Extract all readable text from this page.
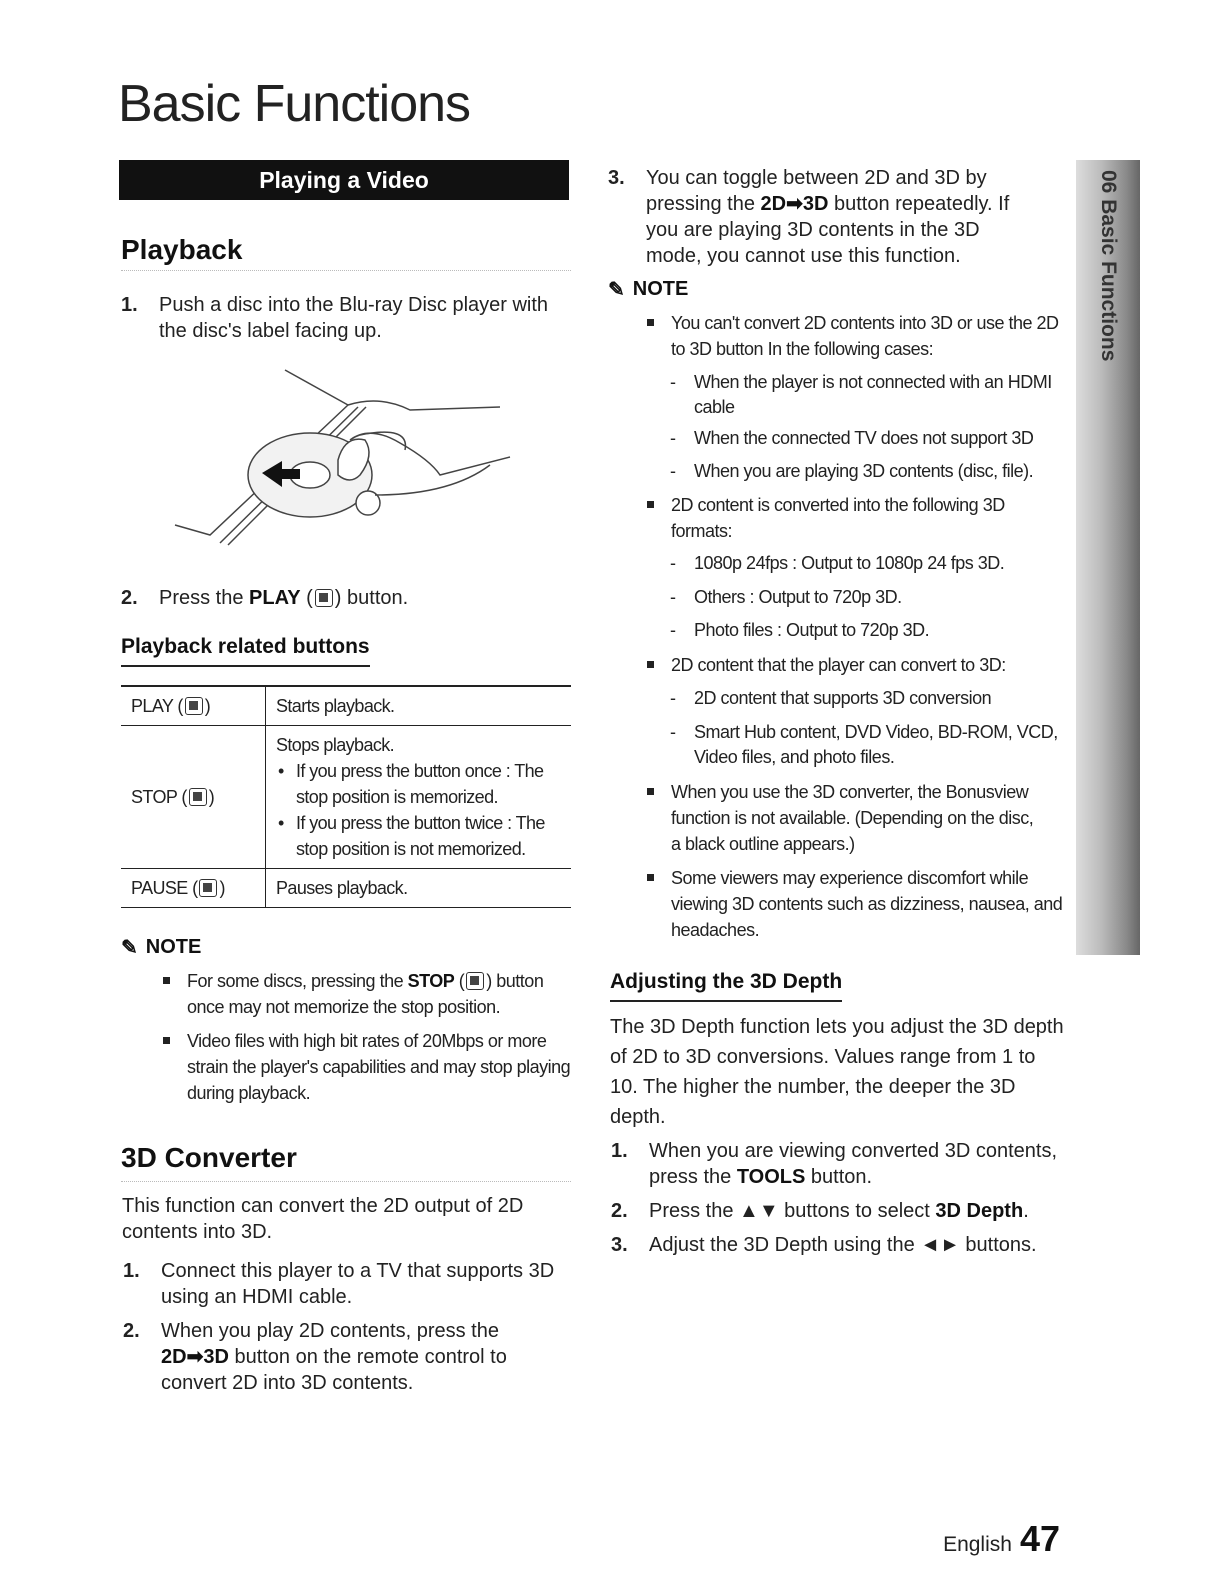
Basic Functions
Playing a Video
Playback
1. Push a disc into the Blu-ray Disc player with the disc's label facing up.
2. Press the PLAY ( ) button.
Playback related buttons
PLAY ( )	Starts playback.
STOP ( )	Stops playback.
• If you press the button once : The stop position is memorized.
• If you press the button twice : The stop position is not memorized.

PAUSE ( )	Pauses playback.
✎ NOTE
For some discs, pressing the STOP ( ) button once may not memorize the stop position.
Video files with high bit rates of 20Mbps or more strain the player's capabilities and may stop playing during playback.
3D Converter
This function can convert the 2D output of 2D contents into 3D.
1. Connect this player to a TV that supports 3D using an HDMI cable.
2. When you play 2D contents, press the 2D➡3D button on the remote control to convert 2D into 3D contents.
3. You can toggle between 2D and 3D by pressing the 2D➡3D button repeatedly. If you are playing 3D contents in the 3D mode, you cannot use this function.
✎ NOTE
You can't convert 2D contents into 3D or use the 2D to 3D button In the following cases:
- When the player is not connected with an HDMI cable
- When the connected TV does not support 3D
- When you are playing 3D contents (disc, file).
2D content is converted into the following 3D formats:
- 1080p 24fps : Output to 1080p 24 fps 3D.
- Others : Output to 720p 3D.
- Photo files : Output to 720p 3D.
2D content that the player can convert to 3D:
- 2D content that supports 3D conversion
- Smart Hub content, DVD Video, BD-ROM, VCD, Video files, and photo files.
When you use the 3D converter, the Bonusview function is not available. (Depending on the disc, a black outline appears.)
Some viewers may experience discomfort while viewing 3D contents such as dizziness, nausea, and headaches.
Adjusting the 3D Depth
The 3D Depth function lets you adjust the 3D depth of 2D to 3D conversions. Values range from 1 to 10. The higher the number, the deeper the 3D depth.
1. When you are viewing converted 3D contents, press the TOOLS button.
2. Press the ▲▼ buttons to select 3D Depth.
3. Adjust the 3D Depth using the ◄► buttons.
06 Basic Functions
English 47
